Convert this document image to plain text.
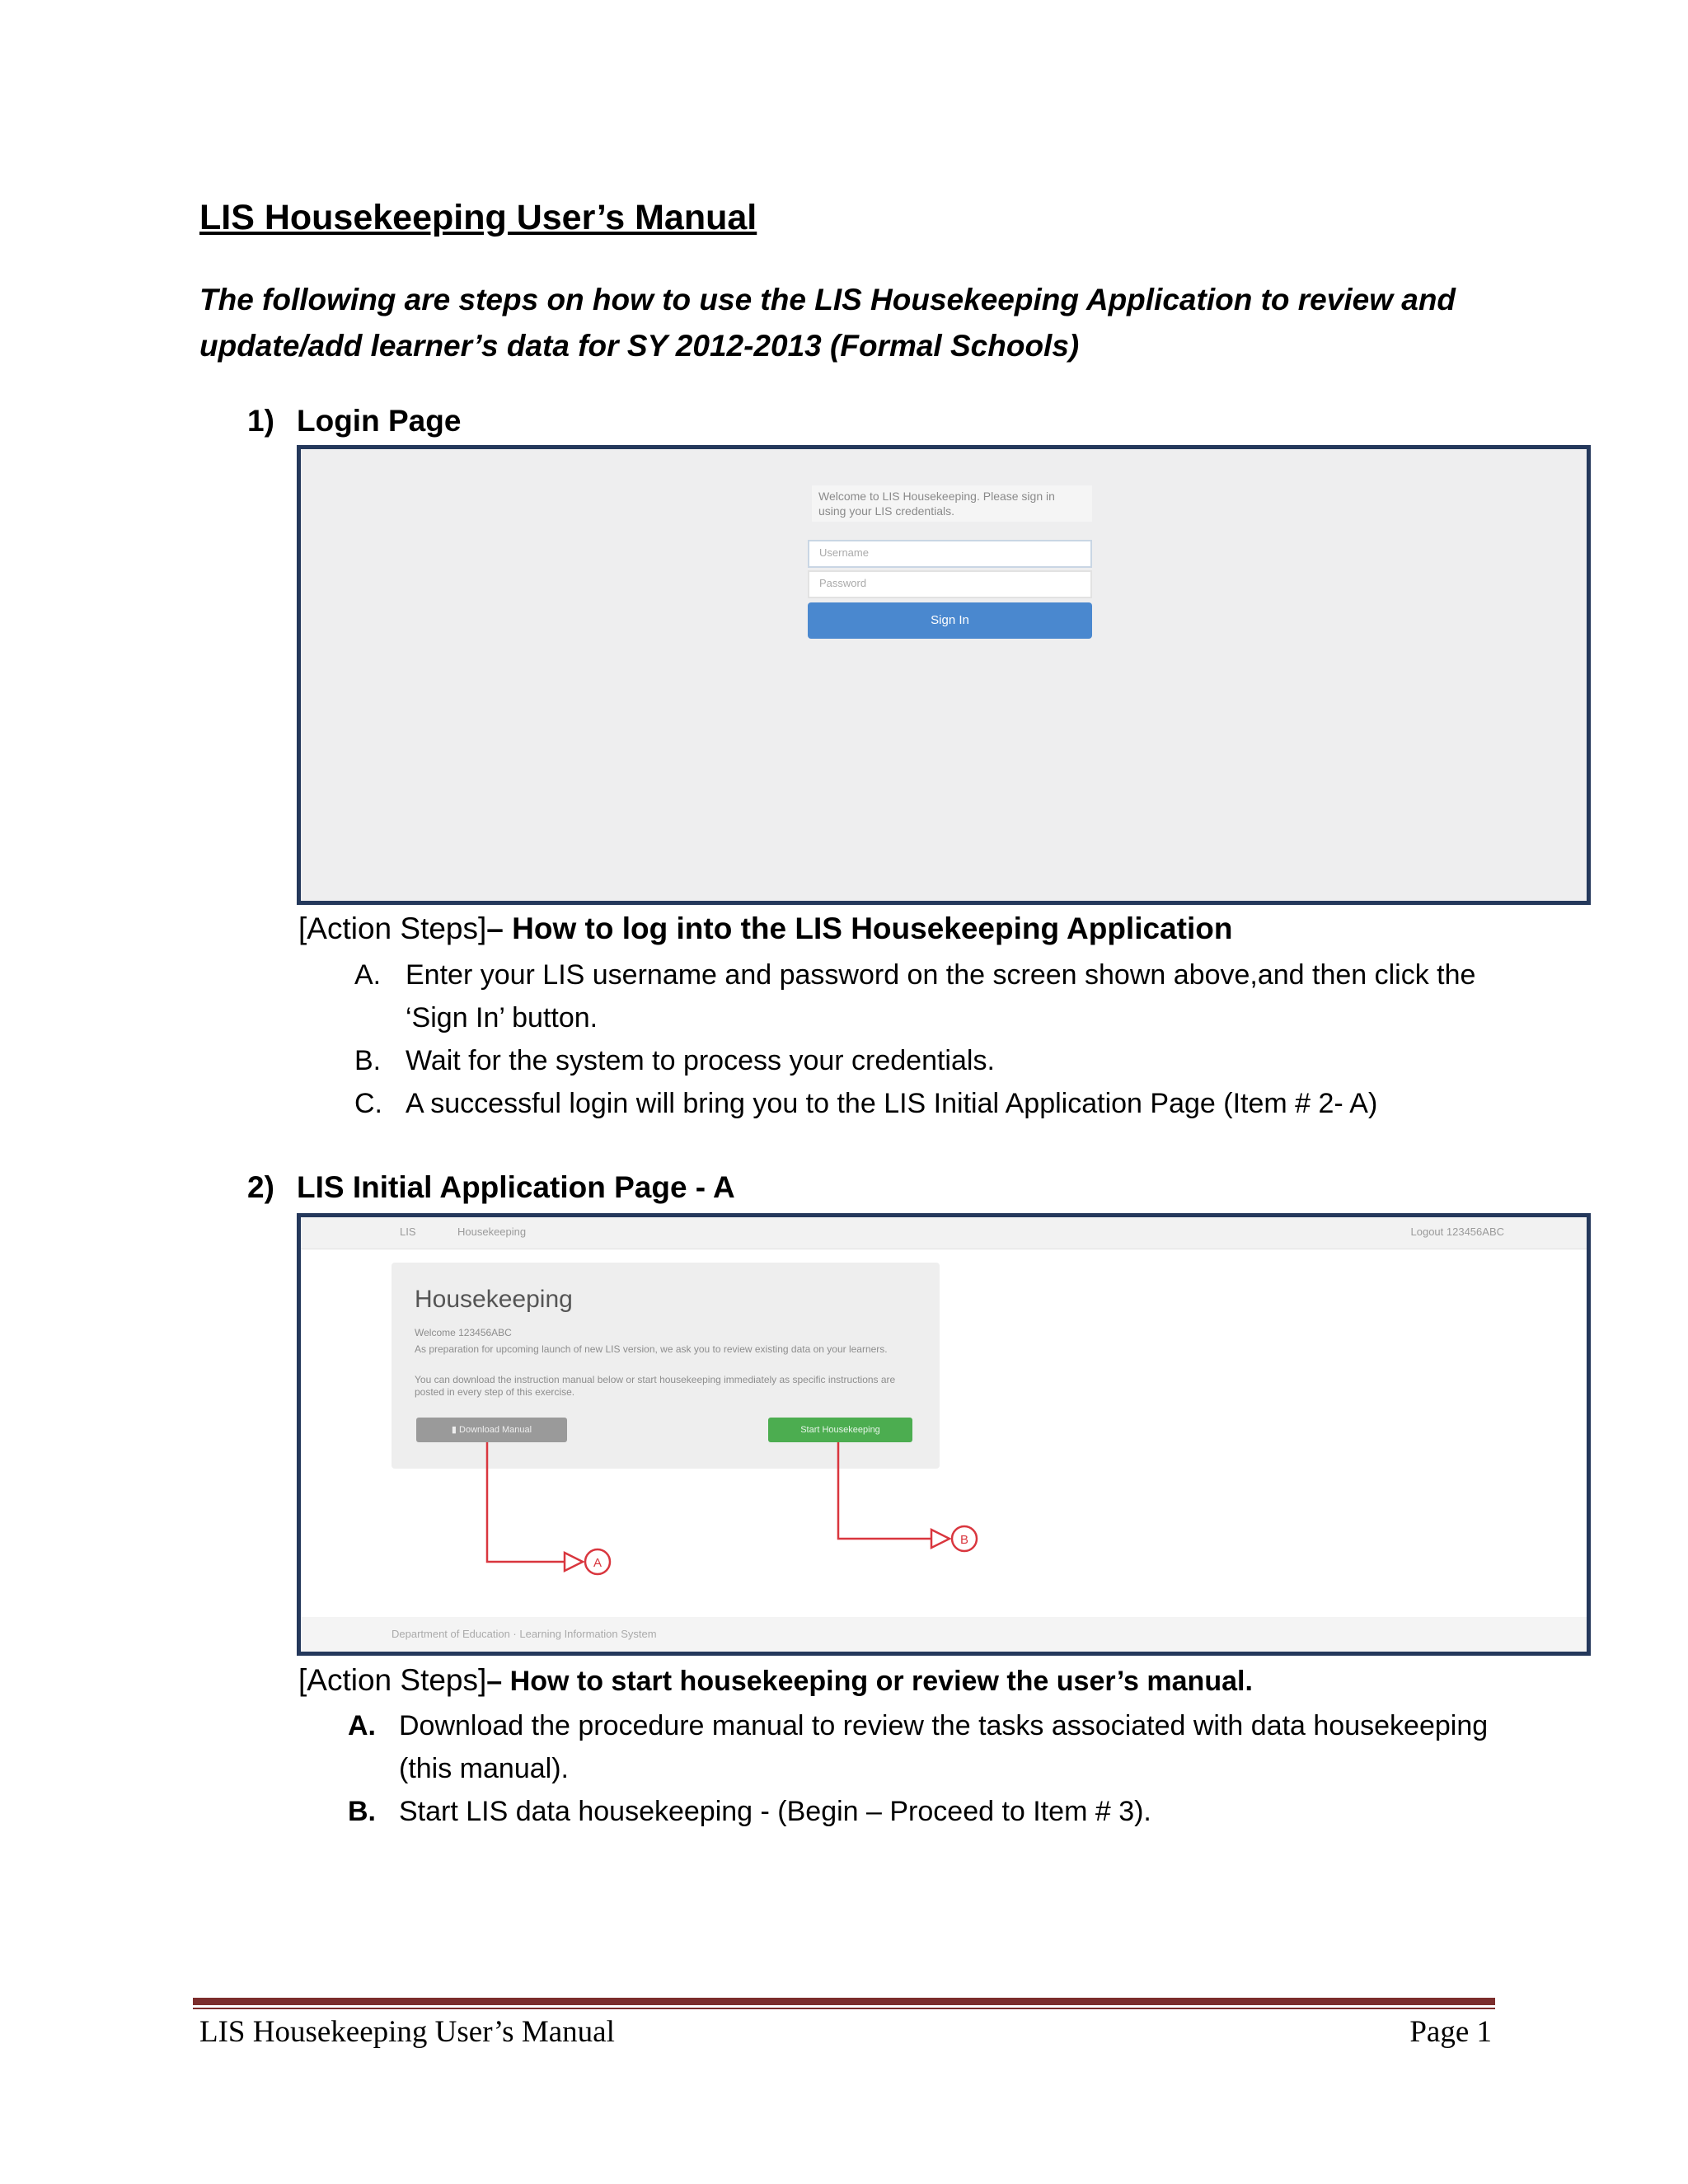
LIS Housekeeping User’s Manual
The following are steps on how to use the LIS Housekeeping Application to review and update/add learner’s data for SY 2012-2013 (Formal Schools)
1) Login Page
Welcome to LIS Housekeeping. Please sign in using your LIS credentials.
Username
Password
Sign In
[Action Steps]– How to log into the LIS Housekeeping Application
A. Enter your LIS username and password on the screen shown above,and then click the ‘Sign In’ button.
B. Wait for the system to process your credentials.
C. A successful login will bring you to the LIS Initial Application Page (Item # 2- A)
2) LIS Initial Application Page - A
LIS	Housekeeping	Logout 123456ABC
Housekeeping
Welcome 123456ABC
As preparation for upcoming launch of new LIS version, we ask you to review existing data on your learners.
You can download the instruction manual below or start housekeeping immediately as specific instructions are posted in every step of this exercise.
▮ Download Manual	Start Housekeeping
A
B
Department of Education · Learning Information System
[Action Steps]– How to start housekeeping or review the user’s manual.
A. Download the procedure manual to review the tasks associated with data housekeeping (this manual).
B. Start LIS data housekeeping - (Begin – Proceed to Item # 3).
LIS Housekeeping User’s Manual	Page 1
